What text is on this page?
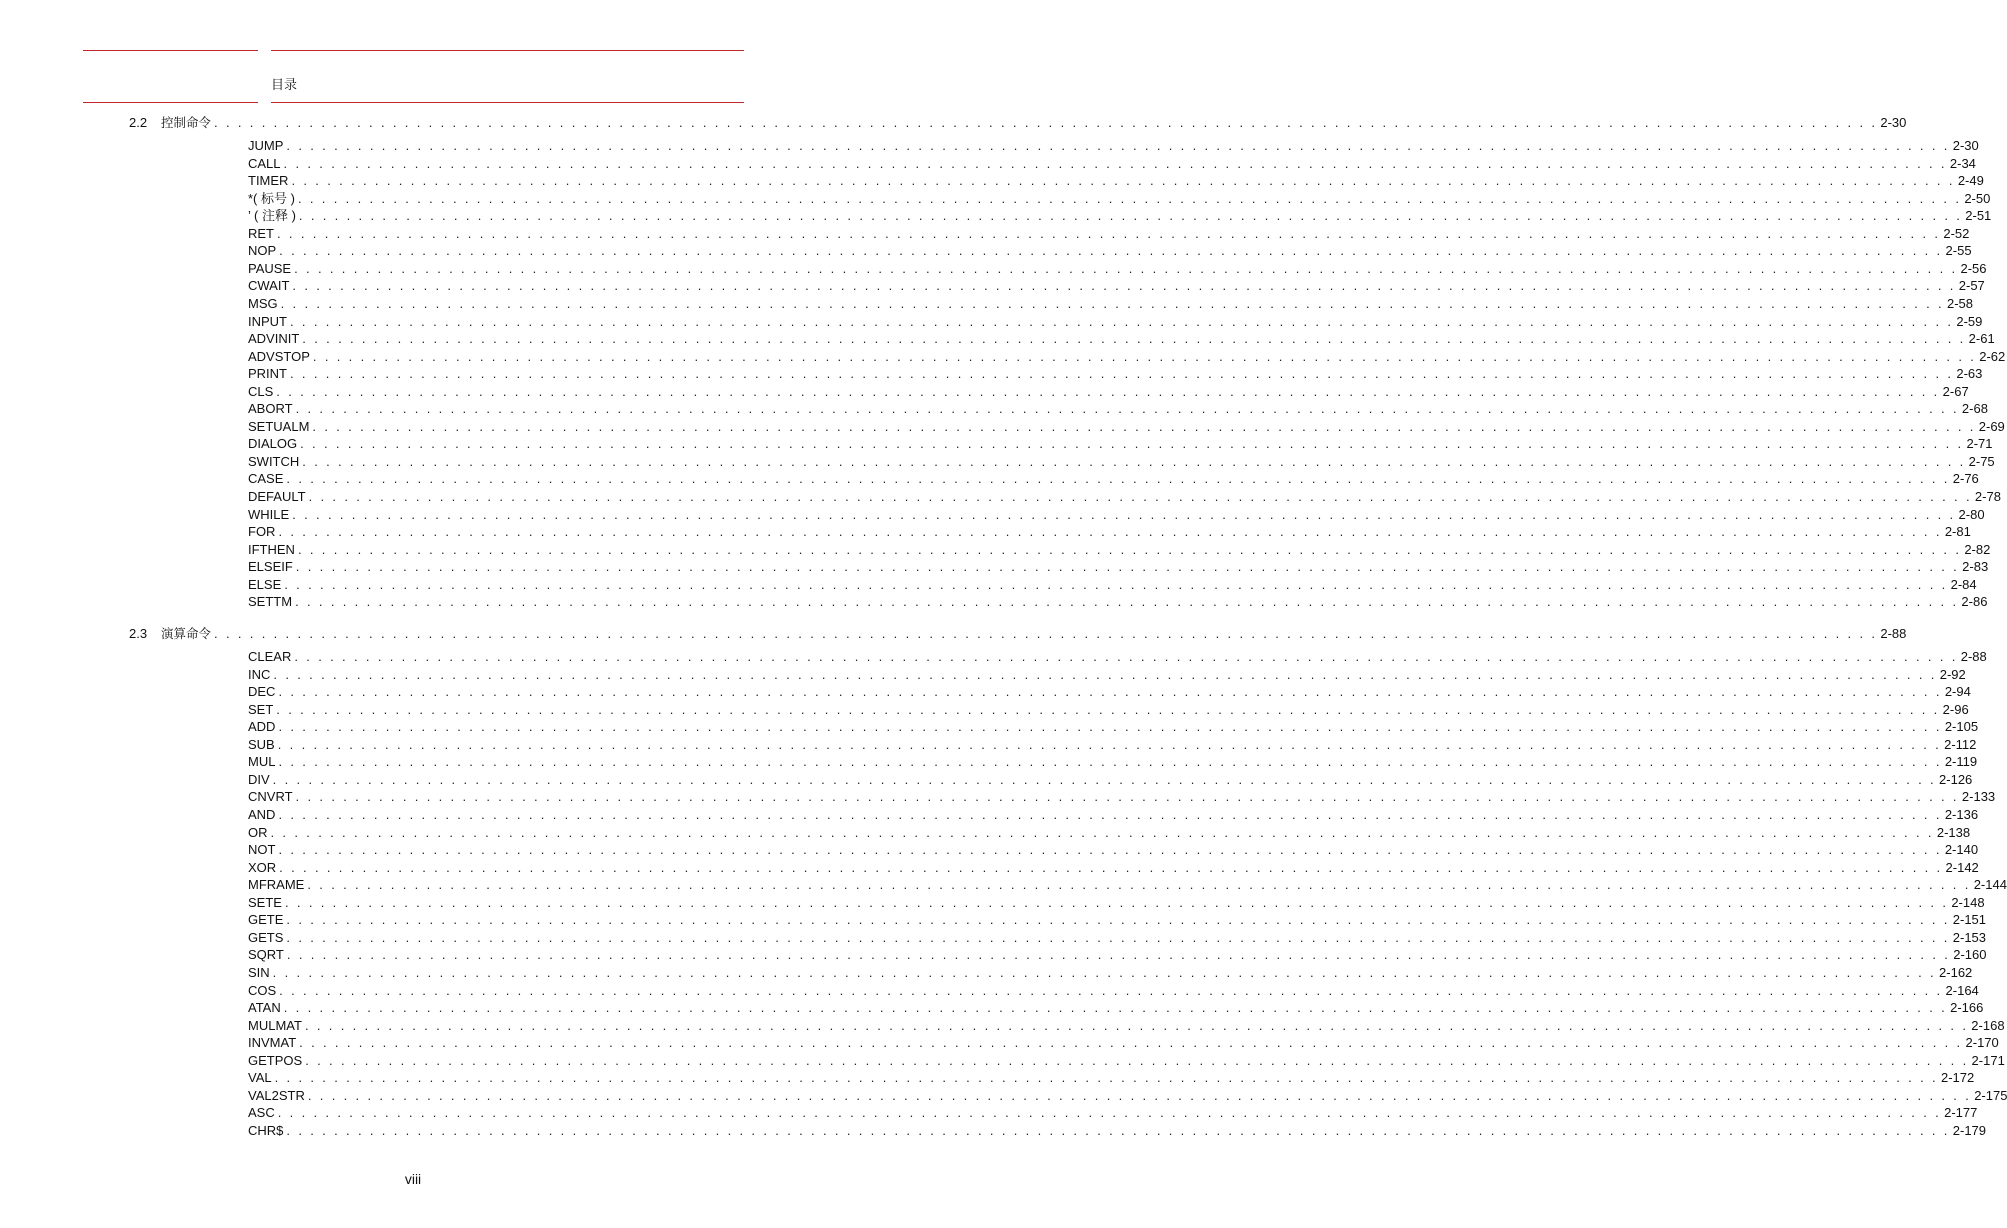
目录
2.2 控制命令 . . . . . . . . . . . . . . . . . . . . . . . . . . . . . . . . . . . . . . . . . . . . . . . . . . . . . . . . . . . . . . . . . . . . . . . . . . . . . . . . . . . . . . . . . . . . . . . . . . . . . . . . . . . . . . . . . . . . . . . . . . . . . . . . . . . . . . . . . . . . 2-30
JUMP . . . . . . . . . . . . . . . . . . . . . . . . . . . . . . . . . . . . . . . . . . . . . . . . . . . . . . . . . . . . . . . . . . . . . . . . . . . . . . . . . . . . . . . . . . . . . . . . . . . . . . . . . . . . . . . . . . . . . . . . . . . . . . . . . . . . . . . . . . . . 2-30
CALL . . . . . . . . . . . . . . . . . . . . . . . . . . . . . . . . . . . . . . . . . . . . . . . . . . . . . . . . . . . . . . . . . . . . . . . . . . . . . . . . . . . . . . . . . . . . . . . . . . . . . . . . . . . . . . . . . . . . . . . . . . . . . . . . . . . . . . . . . . . . 2-34
TIMER . . . . . . . . . . . . . . . . . . . . . . . . . . . . . . . . . . . . . . . . . . . . . . . . . . . . . . . . . . . . . . . . . . . . . . . . . . . . . . . . . . . . . . . . . . . . . . . . . . . . . . . . . . . . . . . . . . . . . . . . . . . . . . . . . . . . . . . . . . . . 2-49
*( 标号 ) . . . . . . . . . . . . . . . . . . . . . . . . . . . . . . . . . . . . . . . . . . . . . . . . . . . . . . . . . . . . . . . . . . . . . . . . . . . . . . . . . . . . . . . . . . . . . . . . . . . . . . . . . . . . . . . . . . . . . . . . . . . . . . . . . . . . . . . . . . . . 2-50
’ ( 注释 ) . . . . . . . . . . . . . . . . . . . . . . . . . . . . . . . . . . . . . . . . . . . . . . . . . . . . . . . . . . . . . . . . . . . . . . . . . . . . . . . . . . . . . . . . . . . . . . . . . . . . . . . . . . . . . . . . . . . . . . . . . . . . . . . . . . . . . . . . . . . . 2-51
RET . . . . . . . . . . . . . . . . . . . . . . . . . . . . . . . . . . . . . . . . . . . . . . . . . . . . . . . . . . . . . . . . . . . . . . . . . . . . . . . . . . . . . . . . . . . . . . . . . . . . . . . . . . . . . . . . . . . . . . . . . . . . . . . . . . . . . . . . . . . . 2-52
NOP . . . . . . . . . . . . . . . . . . . . . . . . . . . . . . . . . . . . . . . . . . . . . . . . . . . . . . . . . . . . . . . . . . . . . . . . . . . . . . . . . . . . . . . . . . . . . . . . . . . . . . . . . . . . . . . . . . . . . . . . . . . . . . . . . . . . . . . . . . . . 2-55
PAUSE . . . . . . . . . . . . . . . . . . . . . . . . . . . . . . . . . . . . . . . . . . . . . . . . . . . . . . . . . . . . . . . . . . . . . . . . . . . . . . . . . . . . . . . . . . . . . . . . . . . . . . . . . . . . . . . . . . . . . . . . . . . . . . . . . . . . . . . . . . . . 2-56
CWAIT . . . . . . . . . . . . . . . . . . . . . . . . . . . . . . . . . . . . . . . . . . . . . . . . . . . . . . . . . . . . . . . . . . . . . . . . . . . . . . . . . . . . . . . . . . . . . . . . . . . . . . . . . . . . . . . . . . . . . . . . . . . . . . . . . . . . . . . . . . . . 2-57
MSG . . . . . . . . . . . . . . . . . . . . . . . . . . . . . . . . . . . . . . . . . . . . . . . . . . . . . . . . . . . . . . . . . . . . . . . . . . . . . . . . . . . . . . . . . . . . . . . . . . . . . . . . . . . . . . . . . . . . . . . . . . . . . . . . . . . . . . . . . . . . 2-58
INPUT . . . . . . . . . . . . . . . . . . . . . . . . . . . . . . . . . . . . . . . . . . . . . . . . . . . . . . . . . . . . . . . . . . . . . . . . . . . . . . . . . . . . . . . . . . . . . . . . . . . . . . . . . . . . . . . . . . . . . . . . . . . . . . . . . . . . . . . . . . . . 2-59
ADVINIT . . . . . . . . . . . . . . . . . . . . . . . . . . . . . . . . . . . . . . . . . . . . . . . . . . . . . . . . . . . . . . . . . . . . . . . . . . . . . . . . . . . . . . . . . . . . . . . . . . . . . . . . . . . . . . . . . . . . . . . . . . . . . . . . . . . . . . . . . . . . 2-61
ADVSTOP . . . . . . . . . . . . . . . . . . . . . . . . . . . . . . . . . . . . . . . . . . . . . . . . . . . . . . . . . . . . . . . . . . . . . . . . . . . . . . . . . . . . . . . . . . . . . . . . . . . . . . . . . . . . . . . . . . . . . . . . . . . . . . . . . . . . . . . . . . . . 2-62
PRINT . . . . . . . . . . . . . . . . . . . . . . . . . . . . . . . . . . . . . . . . . . . . . . . . . . . . . . . . . . . . . . . . . . . . . . . . . . . . . . . . . . . . . . . . . . . . . . . . . . . . . . . . . . . . . . . . . . . . . . . . . . . . . . . . . . . . . . . . . . . . 2-63
CLS . . . . . . . . . . . . . . . . . . . . . . . . . . . . . . . . . . . . . . . . . . . . . . . . . . . . . . . . . . . . . . . . . . . . . . . . . . . . . . . . . . . . . . . . . . . . . . . . . . . . . . . . . . . . . . . . . . . . . . . . . . . . . . . . . . . . . . . . . . . . 2-67
ABORT . . . . . . . . . . . . . . . . . . . . . . . . . . . . . . . . . . . . . . . . . . . . . . . . . . . . . . . . . . . . . . . . . . . . . . . . . . . . . . . . . . . . . . . . . . . . . . . . . . . . . . . . . . . . . . . . . . . . . . . . . . . . . . . . . . . . . . . . . . . . 2-68
SETUALM . . . . . . . . . . . . . . . . . . . . . . . . . . . . . . . . . . . . . . . . . . . . . . . . . . . . . . . . . . . . . . . . . . . . . . . . . . . . . . . . . . . . . . . . . . . . . . . . . . . . . . . . . . . . . . . . . . . . . . . . . . . . . . . . . . . . . . . . . . . . 2-69
DIALOG . . . . . . . . . . . . . . . . . . . . . . . . . . . . . . . . . . . . . . . . . . . . . . . . . . . . . . . . . . . . . . . . . . . . . . . . . . . . . . . . . . . . . . . . . . . . . . . . . . . . . . . . . . . . . . . . . . . . . . . . . . . . . . . . . . . . . . . . . . . . 2-71
SWITCH . . . . . . . . . . . . . . . . . . . . . . . . . . . . . . . . . . . . . . . . . . . . . . . . . . . . . . . . . . . . . . . . . . . . . . . . . . . . . . . . . . . . . . . . . . . . . . . . . . . . . . . . . . . . . . . . . . . . . . . . . . . . . . . . . . . . . . . . . . . . 2-75
CASE . . . . . . . . . . . . . . . . . . . . . . . . . . . . . . . . . . . . . . . . . . . . . . . . . . . . . . . . . . . . . . . . . . . . . . . . . . . . . . . . . . . . . . . . . . . . . . . . . . . . . . . . . . . . . . . . . . . . . . . . . . . . . . . . . . . . . . . . . . . . 2-76
DEFAULT . . . . . . . . . . . . . . . . . . . . . . . . . . . . . . . . . . . . . . . . . . . . . . . . . . . . . . . . . . . . . . . . . . . . . . . . . . . . . . . . . . . . . . . . . . . . . . . . . . . . . . . . . . . . . . . . . . . . . . . . . . . . . . . . . . . . . . . . . . . . 2-78
WHILE . . . . . . . . . . . . . . . . . . . . . . . . . . . . . . . . . . . . . . . . . . . . . . . . . . . . . . . . . . . . . . . . . . . . . . . . . . . . . . . . . . . . . . . . . . . . . . . . . . . . . . . . . . . . . . . . . . . . . . . . . . . . . . . . . . . . . . . . . . . . 2-80
FOR . . . . . . . . . . . . . . . . . . . . . . . . . . . . . . . . . . . . . . . . . . . . . . . . . . . . . . . . . . . . . . . . . . . . . . . . . . . . . . . . . . . . . . . . . . . . . . . . . . . . . . . . . . . . . . . . . . . . . . . . . . . . . . . . . . . . . . . . . . . . 2-81
IFTHEN . . . . . . . . . . . . . . . . . . . . . . . . . . . . . . . . . . . . . . . . . . . . . . . . . . . . . . . . . . . . . . . . . . . . . . . . . . . . . . . . . . . . . . . . . . . . . . . . . . . . . . . . . . . . . . . . . . . . . . . . . . . . . . . . . . . . . . . . . . . . 2-82
ELSEIF . . . . . . . . . . . . . . . . . . . . . . . . . . . . . . . . . . . . . . . . . . . . . . . . . . . . . . . . . . . . . . . . . . . . . . . . . . . . . . . . . . . . . . . . . . . . . . . . . . . . . . . . . . . . . . . . . . . . . . . . . . . . . . . . . . . . . . . . . . . . 2-83
ELSE . . . . . . . . . . . . . . . . . . . . . . . . . . . . . . . . . . . . . . . . . . . . . . . . . . . . . . . . . . . . . . . . . . . . . . . . . . . . . . . . . . . . . . . . . . . . . . . . . . . . . . . . . . . . . . . . . . . . . . . . . . . . . . . . . . . . . . . . . . . . 2-84
SETTM . . . . . . . . . . . . . . . . . . . . . . . . . . . . . . . . . . . . . . . . . . . . . . . . . . . . . . . . . . . . . . . . . . . . . . . . . . . . . . . . . . . . . . . . . . . . . . . . . . . . . . . . . . . . . . . . . . . . . . . . . . . . . . . . . . . . . . . . . . . . 2-86
2.3 演算命令 . . . . . . . . . . . . . . . . . . . . . . . . . . . . . . . . . . . . . . . . . . . . . . . . . . . . . . . . . . . . . . . . . . . . . . . . . . . . . . . . . . . . . . . . . . . . . . . . . . . . . . . . . . . . . . . . . . . . . . . . . . . . . . . . . . . . . . . . . . . . 2-88
CLEAR . . . . . . . . . . . . . . . . . . . . . . . . . . . . . . . . . . . . . . . . . . . . . . . . . . . . . . . . . . . . . . . . . . . . . . . . . . . . . . . . . . . . . . . . . . . . . . . . . . . . . . . . . . . . . . . . . . . . . . . . . . . . . . . . . . . . . . . . . . . . 2-88
INC . . . . . . . . . . . . . . . . . . . . . . . . . . . . . . . . . . . . . . . . . . . . . . . . . . . . . . . . . . . . . . . . . . . . . . . . . . . . . . . . . . . . . . . . . . . . . . . . . . . . . . . . . . . . . . . . . . . . . . . . . . . . . . . . . . . . . . . . . . . . 2-92
DEC . . . . . . . . . . . . . . . . . . . . . . . . . . . . . . . . . . . . . . . . . . . . . . . . . . . . . . . . . . . . . . . . . . . . . . . . . . . . . . . . . . . . . . . . . . . . . . . . . . . . . . . . . . . . . . . . . . . . . . . . . . . . . . . . . . . . . . . . . . . . 2-94
SET . . . . . . . . . . . . . . . . . . . . . . . . . . . . . . . . . . . . . . . . . . . . . . . . . . . . . . . . . . . . . . . . . . . . . . . . . . . . . . . . . . . . . . . . . . . . . . . . . . . . . . . . . . . . . . . . . . . . . . . . . . . . . . . . . . . . . . . . . . . . 2-96
ADD . . . . . . . . . . . . . . . . . . . . . . . . . . . . . . . . . . . . . . . . . . . . . . . . . . . . . . . . . . . . . . . . . . . . . . . . . . . . . . . . . . . . . . . . . . . . . . . . . . . . . . . . . . . . . . . . . . . . . . . . . . . . . . . . . . . . . . . . . . . . 2-105
SUB . . . . . . . . . . . . . . . . . . . . . . . . . . . . . . . . . . . . . . . . . . . . . . . . . . . . . . . . . . . . . . . . . . . . . . . . . . . . . . . . . . . . . . . . . . . . . . . . . . . . . . . . . . . . . . . . . . . . . . . . . . . . . . . . . . . . . . . . . . . . 2-112
MUL . . . . . . . . . . . . . . . . . . . . . . . . . . . . . . . . . . . . . . . . . . . . . . . . . . . . . . . . . . . . . . . . . . . . . . . . . . . . . . . . . . . . . . . . . . . . . . . . . . . . . . . . . . . . . . . . . . . . . . . . . . . . . . . . . . . . . . . . . . . . 2-119
DIV . . . . . . . . . . . . . . . . . . . . . . . . . . . . . . . . . . . . . . . . . . . . . . . . . . . . . . . . . . . . . . . . . . . . . . . . . . . . . . . . . . . . . . . . . . . . . . . . . . . . . . . . . . . . . . . . . . . . . . . . . . . . . . . . . . . . . . . . . . . . 2-126
CNVRT . . . . . . . . . . . . . . . . . . . . . . . . . . . . . . . . . . . . . . . . . . . . . . . . . . . . . . . . . . . . . . . . . . . . . . . . . . . . . . . . . . . . . . . . . . . . . . . . . . . . . . . . . . . . . . . . . . . . . . . . . . . . . . . . . . . . . . . . . . . . 2-133
AND . . . . . . . . . . . . . . . . . . . . . . . . . . . . . . . . . . . . . . . . . . . . . . . . . . . . . . . . . . . . . . . . . . . . . . . . . . . . . . . . . . . . . . . . . . . . . . . . . . . . . . . . . . . . . . . . . . . . . . . . . . . . . . . . . . . . . . . . . . . . 2-136
OR . . . . . . . . . . . . . . . . . . . . . . . . . . . . . . . . . . . . . . . . . . . . . . . . . . . . . . . . . . . . . . . . . . . . . . . . . . . . . . . . . . . . . . . . . . . . . . . . . . . . . . . . . . . . . . . . . . . . . . . . . . . . . . . . . . . . . . . . . . . . 2-138
NOT . . . . . . . . . . . . . . . . . . . . . . . . . . . . . . . . . . . . . . . . . . . . . . . . . . . . . . . . . . . . . . . . . . . . . . . . . . . . . . . . . . . . . . . . . . . . . . . . . . . . . . . . . . . . . . . . . . . . . . . . . . . . . . . . . . . . . . . . . . . . 2-140
XOR . . . . . . . . . . . . . . . . . . . . . . . . . . . . . . . . . . . . . . . . . . . . . . . . . . . . . . . . . . . . . . . . . . . . . . . . . . . . . . . . . . . . . . . . . . . . . . . . . . . . . . . . . . . . . . . . . . . . . . . . . . . . . . . . . . . . . . . . . . . . 2-142
MFRAME . . . . . . . . . . . . . . . . . . . . . . . . . . . . . . . . . . . . . . . . . . . . . . . . . . . . . . . . . . . . . . . . . . . . . . . . . . . . . . . . . . . . . . . . . . . . . . . . . . . . . . . . . . . . . . . . . . . . . . . . . . . . . . . . . . . . . . . . . . . . 2-144
SETE . . . . . . . . . . . . . . . . . . . . . . . . . . . . . . . . . . . . . . . . . . . . . . . . . . . . . . . . . . . . . . . . . . . . . . . . . . . . . . . . . . . . . . . . . . . . . . . . . . . . . . . . . . . . . . . . . . . . . . . . . . . . . . . . . . . . . . . . . . . . 2-148
GETE . . . . . . . . . . . . . . . . . . . . . . . . . . . . . . . . . . . . . . . . . . . . . . . . . . . . . . . . . . . . . . . . . . . . . . . . . . . . . . . . . . . . . . . . . . . . . . . . . . . . . . . . . . . . . . . . . . . . . . . . . . . . . . . . . . . . . . . . . . . . 2-151
GETS . . . . . . . . . . . . . . . . . . . . . . . . . . . . . . . . . . . . . . . . . . . . . . . . . . . . . . . . . . . . . . . . . . . . . . . . . . . . . . . . . . . . . . . . . . . . . . . . . . . . . . . . . . . . . . . . . . . . . . . . . . . . . . . . . . . . . . . . . . . . 2-153
SQRT . . . . . . . . . . . . . . . . . . . . . . . . . . . . . . . . . . . . . . . . . . . . . . . . . . . . . . . . . . . . . . . . . . . . . . . . . . . . . . . . . . . . . . . . . . . . . . . . . . . . . . . . . . . . . . . . . . . . . . . . . . . . . . . . . . . . . . . . . . . . 2-160
SIN . . . . . . . . . . . . . . . . . . . . . . . . . . . . . . . . . . . . . . . . . . . . . . . . . . . . . . . . . . . . . . . . . . . . . . . . . . . . . . . . . . . . . . . . . . . . . . . . . . . . . . . . . . . . . . . . . . . . . . . . . . . . . . . . . . . . . . . . . . . . 2-162
COS . . . . . . . . . . . . . . . . . . . . . . . . . . . . . . . . . . . . . . . . . . . . . . . . . . . . . . . . . . . . . . . . . . . . . . . . . . . . . . . . . . . . . . . . . . . . . . . . . . . . . . . . . . . . . . . . . . . . . . . . . . . . . . . . . . . . . . . . . . . . 2-164
ATAN . . . . . . . . . . . . . . . . . . . . . . . . . . . . . . . . . . . . . . . . . . . . . . . . . . . . . . . . . . . . . . . . . . . . . . . . . . . . . . . . . . . . . . . . . . . . . . . . . . . . . . . . . . . . . . . . . . . . . . . . . . . . . . . . . . . . . . . . . . . . 2-166
MULMAT . . . . . . . . . . . . . . . . . . . . . . . . . . . . . . . . . . . . . . . . . . . . . . . . . . . . . . . . . . . . . . . . . . . . . . . . . . . . . . . . . . . . . . . . . . . . . . . . . . . . . . . . . . . . . . . . . . . . . . . . . . . . . . . . . . . . . . . . . . . . 2-168
INVMAT . . . . . . . . . . . . . . . . . . . . . . . . . . . . . . . . . . . . . . . . . . . . . . . . . . . . . . . . . . . . . . . . . . . . . . . . . . . . . . . . . . . . . . . . . . . . . . . . . . . . . . . . . . . . . . . . . . . . . . . . . . . . . . . . . . . . . . . . . . . . 2-170
GETPOS . . . . . . . . . . . . . . . . . . . . . . . . . . . . . . . . . . . . . . . . . . . . . . . . . . . . . . . . . . . . . . . . . . . . . . . . . . . . . . . . . . . . . . . . . . . . . . . . . . . . . . . . . . . . . . . . . . . . . . . . . . . . . . . . . . . . . . . . . . . . 2-171
VAL . . . . . . . . . . . . . . . . . . . . . . . . . . . . . . . . . . . . . . . . . . . . . . . . . . . . . . . . . . . . . . . . . . . . . . . . . . . . . . . . . . . . . . . . . . . . . . . . . . . . . . . . . . . . . . . . . . . . . . . . . . . . . . . . . . . . . . . . . . . . 2-172
VAL2STR . . . . . . . . . . . . . . . . . . . . . . . . . . . . . . . . . . . . . . . . . . . . . . . . . . . . . . . . . . . . . . . . . . . . . . . . . . . . . . . . . . . . . . . . . . . . . . . . . . . . . . . . . . . . . . . . . . . . . . . . . . . . . . . . . . . . . . . . . . . . 2-175
ASC . . . . . . . . . . . . . . . . . . . . . . . . . . . . . . . . . . . . . . . . . . . . . . . . . . . . . . . . . . . . . . . . . . . . . . . . . . . . . . . . . . . . . . . . . . . . . . . . . . . . . . . . . . . . . . . . . . . . . . . . . . . . . . . . . . . . . . . . . . . . 2-177
CHR$ . . . . . . . . . . . . . . . . . . . . . . . . . . . . . . . . . . . . . . . . . . . . . . . . . . . . . . . . . . . . . . . . . . . . . . . . . . . . . . . . . . . . . . . . . . . . . . . . . . . . . . . . . . . . . . . . . . . . . . . . . . . . . . . . . . . . . . . . . . . . 2-179
viii
